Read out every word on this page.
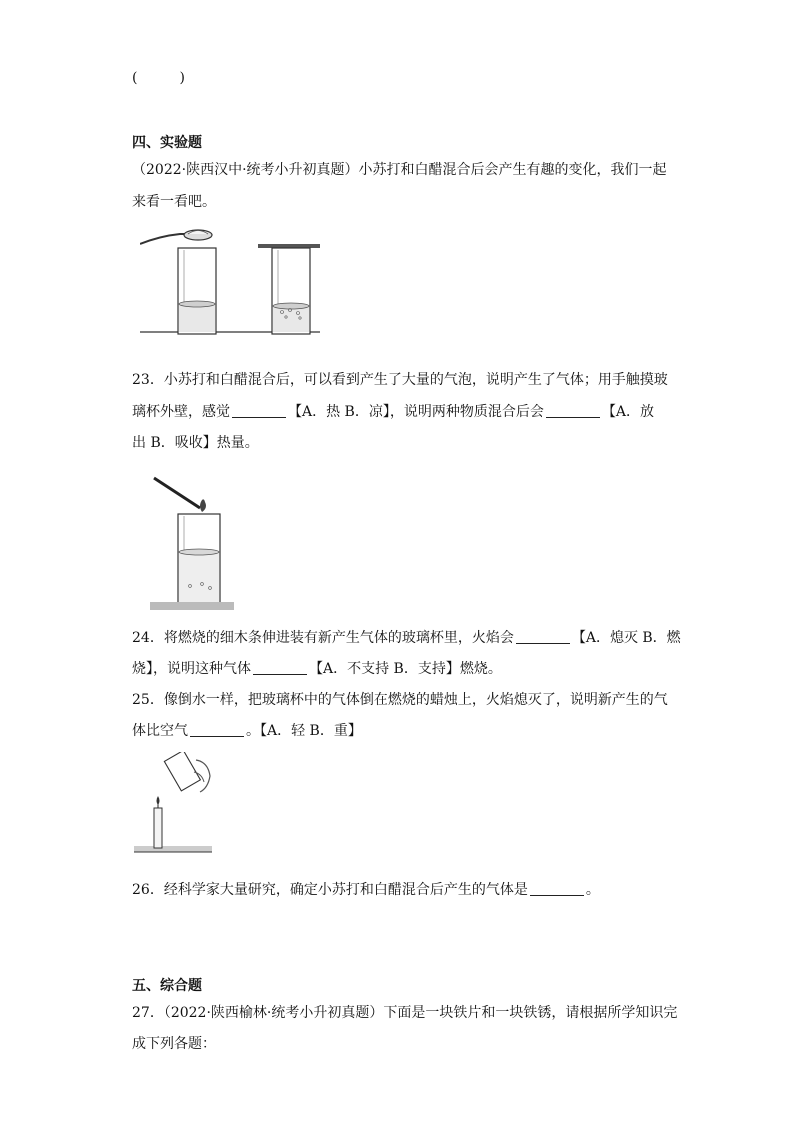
(　　　)
四、实验题
（2022·陕西汉中·统考小升初真题）小苏打和白醋混合后会产生有趣的变化，我们一起
来看一看吧。
23．小苏打和白醋混合后，可以看到产生了大量的气泡，说明产生了气体；用手触摸玻
璃杯外壁，感觉	【A．热 B．凉】，说明两种物质混合后会	【A．放
出 B．吸收】热量。
24．将燃烧的细木条伸进装有新产生气体的玻璃杯里，火焰会	【A．熄灭 B．燃
烧】，说明这种气体	【A．不支持 B．支持】燃烧。
25．像倒水一样，把玻璃杯中的气体倒在燃烧的蜡烛上，火焰熄灭了，说明新产生的气
体比空气	。【A．轻 B．重】
26．经科学家大量研究，确定小苏打和白醋混合后产生的气体是	。
五、综合题
27．（2022·陕西榆林·统考小升初真题）下面是一块铁片和一块铁锈，请根据所学知识完
成下列各题：
